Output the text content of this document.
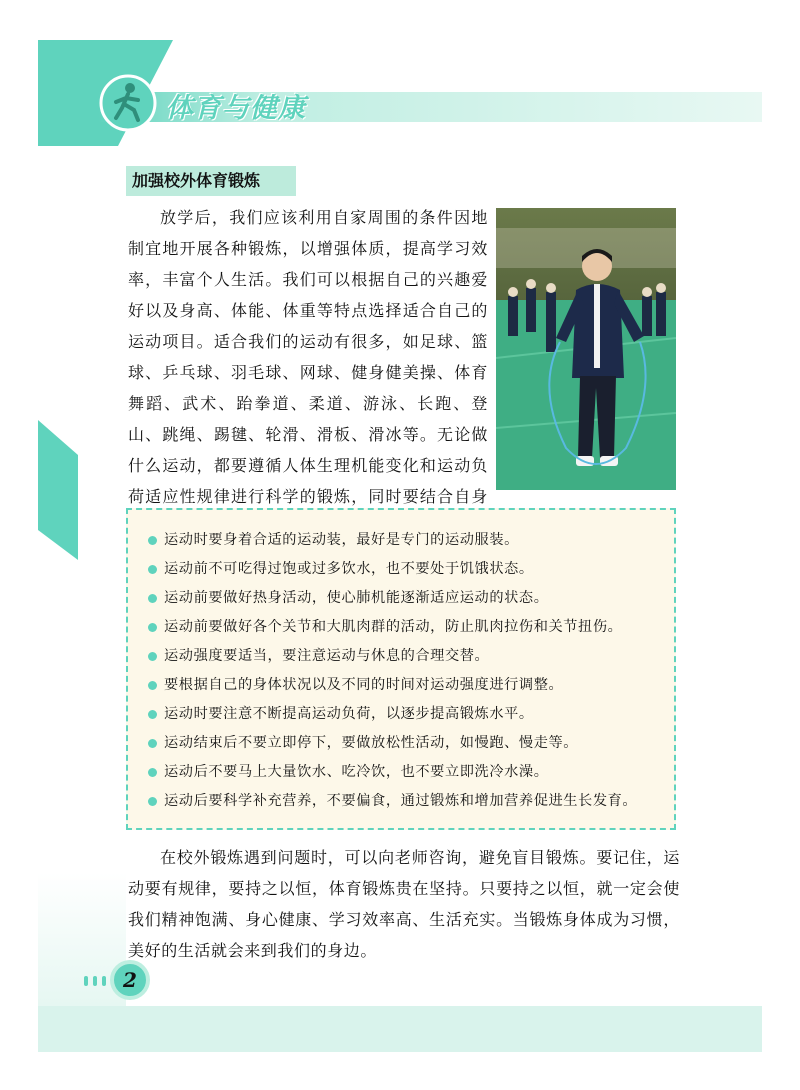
体育与健康
加强校外体育锻炼

放学后，我们应该利用自家周围的条件因地制宜地开展各种锻炼，以增强体质，提高学习效率，丰富个人生活。我们可以根据自己的兴趣爱好以及身高、体能、体重等特点选择适合自己的运动项目。适合我们的运动有很多，如足球、篮球、乒乓球、羽毛球、网球、健身健美操、体育舞蹈、武术、跆拳道、柔道、游泳、长跑、登山、跳绳、踢毽、轮滑、滑板、滑冰等。无论做什么运动，都要遵循人体生理机能变化和运动负荷适应性规律进行科学的锻炼，同时要结合自身

运动时要身着合适的运动装，最好是专门的运动服装。
运动前不可吃得过饱或过多饮水，也不要处于饥饿状态。
运动前要做好热身活动，使心肺机能逐渐适应运动的状态。
运动前要做好各个关节和大肌肉群的活动，防止肌肉拉伤和关节扭伤。
运动强度要适当，要注意运动与休息的合理交替。
要根据自己的身体状况以及不同的时间对运动强度进行调整。
运动时要注意不断提高运动负荷，以逐步提高锻炼水平。
运动结束后不要立即停下，要做放松性活动，如慢跑、慢走等。
运动后不要马上大量饮水、吃冷饮，也不要立即洗冷水澡。
运动后要科学补充营养，不要偏食，通过锻炼和增加营养促进生长发育。

在校外锻炼遇到问题时，可以向老师咨询，避免盲目锻炼。要记住，运动要有规律，要持之以恒，体育锻炼贵在坚持。只要持之以恒，就一定会使我们精神饱满、身心健康、学习效率高、生活充实。当锻炼身体成为习惯，美好的生活就会来到我们的身边。

2
